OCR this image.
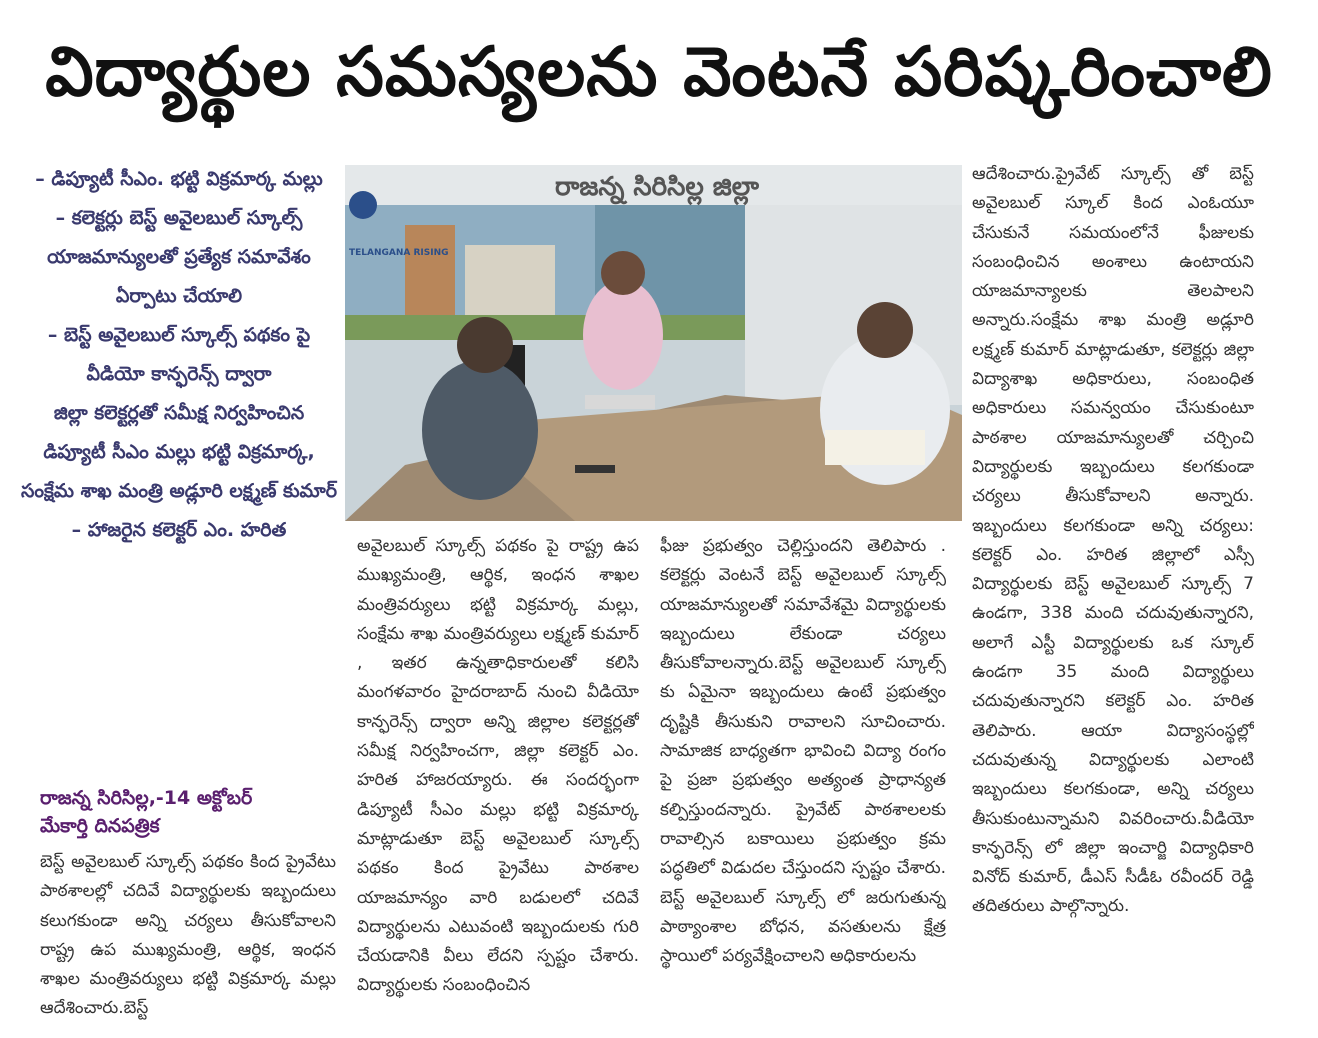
విద్యార్థుల సమస్యలను వెంటనే పరిష్కరించాలి
– డిప్యూటీ సీఎం. భట్టి విక్రమార్క మల్లు
– కలెక్టర్లు బెస్ట్ అవైలబుల్ స్కూల్స్ యాజమాన్యులతో ప్రత్యేక సమావేశం ఏర్పాటు చేయాలి
– బెస్ట్ అవైలబుల్ స్కూల్స్ పథకం పై వీడియో కాన్ఫరెన్స్ ద్వారా
జిల్లా కలెక్టర్లతో సమీక్ష నిర్వహించిన డిప్యూటీ సీఎం మల్లు భట్టి విక్రమార్క, సంక్షేమ శాఖ మంత్రి అడ్లూరి లక్ష్మణ్ కుమార్
– హాజరైన కలెక్టర్ ఎం. హరిత
రాజన్న సిరిసిల్ల,-14 అక్టోబర్
మేకార్తి దినపత్రిక

బెస్ట్ అవైలబుల్ స్కూల్స్ పథకం కింద ప్రైవేటు పాఠశాలల్లో చదివే విద్యార్థులకు ఇబ్బందులు కలుగకుండా అన్ని చర్యలు తీసుకోవాలని రాష్ట్ర ఉప ముఖ్యమంత్రి, ఆర్థిక, ఇంధన శాఖల మంత్రివర్యులు భట్టి విక్రమార్క మల్లు ఆదేశించారు.బెస్ట్

రాజన్న సిరిసిల్ల జిల్లా
TELANGANA RISING

అవైలబుల్ స్కూల్స్ పథకం పై రాష్ట్ర ఉప ముఖ్యమంత్రి, ఆర్థిక, ఇంధన శాఖల మంత్రివర్యులు భట్టి విక్రమార్క మల్లు, సంక్షేమ శాఖ మంత్రివర్యులు లక్ష్మణ్ కుమార్ , ఇతర ఉన్నతాధికారులతో కలిసి మంగళవారం హైదరాబాద్ నుంచి వీడియో కాన్ఫరెన్స్ ద్వారా అన్ని జిల్లాల కలెక్టర్లతో సమీక్ష నిర్వహించగా, జిల్లా కలెక్టర్ ఎం. హరిత హాజరయ్యారు. ఈ సందర్భంగా డిప్యూటీ సీఎం మల్లు భట్టి విక్రమార్క మాట్లాడుతూ బెస్ట్ అవైలబుల్ స్కూల్స్ పథకం కింద ప్రైవేటు పాఠశాల యాజమాన్యం వారి బడులలో చదివే విద్యార్థులను ఎటువంటి ఇబ్బందులకు గురి చేయడానికి వీలు లేదని స్పష్టం చేశారు. విద్యార్థులకు సంబంధించిన

ఫీజు ప్రభుత్వం చెల్లిస్తుందని తెలిపారు . కలెక్టర్లు వెంటనే బెస్ట్ అవైలబుల్ స్కూల్స్ యాజమాన్యులతో సమావేశమై విద్యార్థులకు ఇబ్బందులు లేకుండా చర్యలు తీసుకోవాలన్నారు.బెస్ట్ అవైలబుల్ స్కూల్స్ కు ఏమైనా ఇబ్బందులు ఉంటే ప్రభుత్వం దృష్టికి తీసుకుని రావాలని సూచించారు. సామాజిక బాధ్యతగా భావించి విద్యా రంగం పై ప్రజా ప్రభుత్వం అత్యంత ప్రాధాన్యత కల్పిస్తుందన్నారు. ప్రైవేట్ పాఠశాలలకు రావాల్సిన బకాయిలు ప్రభుత్వం క్రమ పద్ధతిలో విడుదల చేస్తుందని స్పష్టం చేశారు. బెస్ట్ అవైలబుల్ స్కూల్స్ లో జరుగుతున్న పాఠ్యాంశాల బోధన, వసతులను క్షేత్ర స్థాయిలో పర్యవేక్షించాలని అధికారులను

ఆదేశించారు.ప్రైవేట్ స్కూల్స్ తో బెస్ట్ అవైలబుల్ స్కూల్ కింద ఎంఓయూ చేసుకునే సమయంలోనే ఫీజులకు సంబంధించిన అంశాలు ఉంటాయని యాజమాన్యాలకు తెలపాలని అన్నారు.సంక్షేమ శాఖ మంత్రి అడ్లూరి లక్ష్మణ్ కుమార్ మాట్లాడుతూ, కలెక్టర్లు జిల్లా విద్యాశాఖ అధికారులు, సంబంధిత అధికారులు సమన్వయం చేసుకుంటూ పాఠశాల యాజమాన్యులతో చర్చించి విద్యార్థులకు ఇబ్బందులు కలగకుండా చర్యలు తీసుకోవాలని అన్నారు. ఇబ్బందులు కలగకుండా అన్ని చర్యలు: కలెక్టర్ ఎం. హరిత జిల్లాలో ఎస్సీ విద్యార్థులకు బెస్ట్ అవైలబుల్ స్కూల్స్ 7 ఉండగా, 338 మంది చదువుతున్నారని, అలాగే ఎస్టీ విద్యార్థులకు ఒక స్కూల్ ఉండగా 35 మంది విద్యార్థులు చదువుతున్నారని కలెక్టర్ ఎం. హరిత తెలిపారు. ఆయా విద్యాసంస్థల్లో చదువుతున్న విద్యార్థులకు ఎలాంటి ఇబ్బందులు కలగకుండా, అన్ని చర్యలు తీసుకుంటున్నామని వివరించారు.వీడియో కాన్ఫరెన్స్ లో జిల్లా ఇంచార్జి విద్యాధికారి వినోద్ కుమార్, డీఎస్ సీడీఓ రవీందర్ రెడ్డి తదితరులు పాల్గొన్నారు.
